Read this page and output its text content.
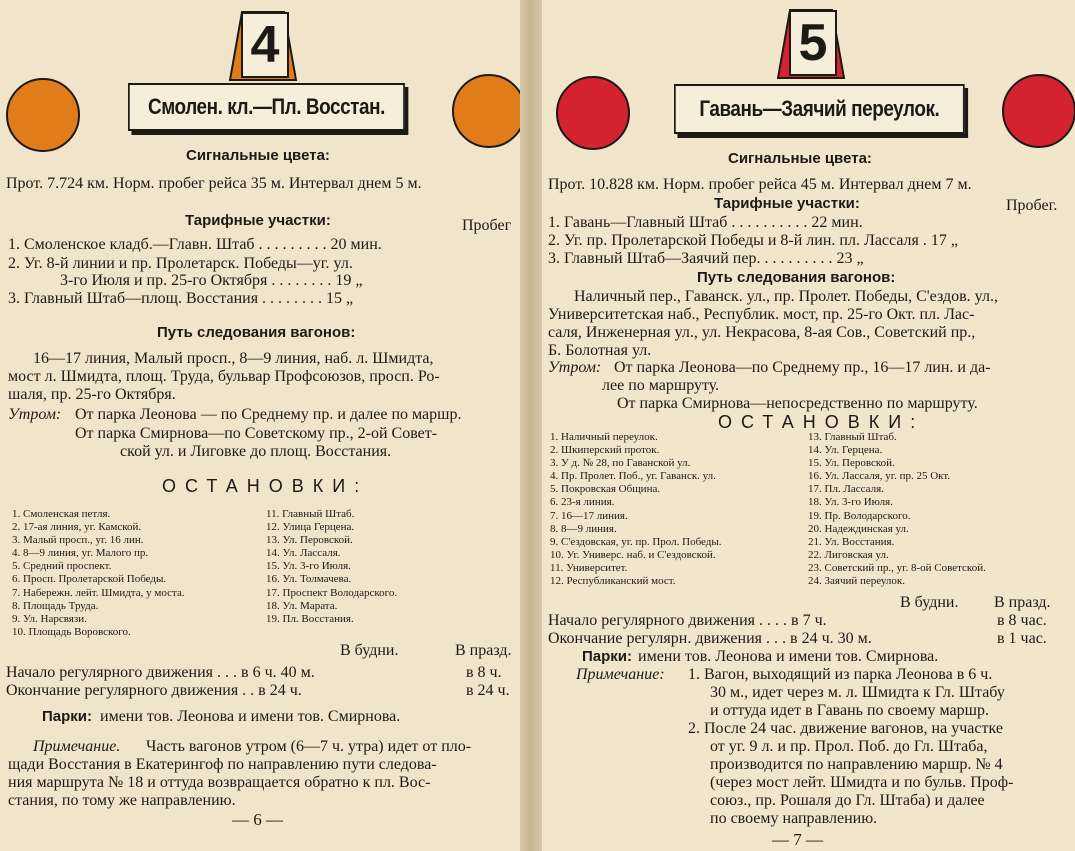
4
Смолен. кл.—Пл. Восстан.
Сигнальные цвета:
Прот. 7.724 км. Норм. пробег рейса 35 м. Интервал днем 5 м.
Тарифные участки:	Пробег
1. Смоленское кладб.—Главн. Штаб . . . . . . . . . 20 мин.
2. Уг. 8-й линии и пр. Пролетарск. Победы—уг. ул.
3-го Июля и пр. 25-го Октября . . . . . . . . 19 „
3. Главный Штаб—площ. Восстания . . . . . . . . 15 „
Путь следования вагонов:
16—17 линия, Малый просп., 8—9 линия, наб. л. Шмидта,
мост л. Шмидта, площ. Труда, бульвар Профсоюзов, просп. Ро-
шаля, пр. 25-го Октября.
Утром: От парка Леонова — по Среднему пр. и далее по маршр.
От парка Смирнова—по Советскому пр., 2-ой Совет-
ской ул. и Лиговке до площ. Восстания.
ОСТАНОВКИ:
1. Смоленская петля.
2. 17-ая линия, уг. Камской.
3. Малый просп., уг. 16 лин.
4. 8—9 линия, уг. Малого пр.
5. Средний проспект.
6. Просп. Пролетарской Победы.
7. Набережн. лейт. Шмидта, у моста.
8. Площадь Труда.
9. Ул. Нарсвязи.
10. Площадь Воровского.
11. Главный Штаб.
12. Улица Герцена.
13. Ул. Перовской.
14. Ул. Лассаля.
15. Ул. 3-го Июля.
16. Ул. Толмачева.
17. Проспект Володарского.
18. Ул. Марата.
19. Пл. Восстания.
В будни.	В празд.
Начало регулярного движения . . . в 6 ч. 40 м.	в 8 ч.
Окончание регулярного движения . . в 24 ч.	в 24 ч.
Парки: имени тов. Леонова и имени тов. Смирнова.
Примечание. Часть вагонов утром (6—7 ч. утра) идет от пло-
щади Восстания в Екатерингоф по направлению пути следова-
ния маршрута № 18 и оттуда возвращается обратно к пл. Вос-
стания, по тому же направлению.
— 6 —
5
Гавань—Заячий переулок.
Сигнальные цвета:
Прот. 10.828 км. Норм. пробег рейса 45 м. Интервал днем 7 м.
Тарифные участки:	Пробег.
1. Гавань—Главный Штаб . . . . . . . . . . 22 мин.
2. Уг. пр. Пролетарской Победы и 8-й лин. пл. Лассаля . 17 „
3. Главный Штаб—Заячий пер. . . . . . . . . . 23 „
Путь следования вагонов:
Наличный пер., Гаванск. ул., пр. Пролет. Победы, С'ездов. ул.,
Университетская наб., Республик. мост, пр. 25-го Окт. пл. Лас-
саля, Инженерная ул., ул. Некрасова, 8-ая Сов., Советский пр.,
Б. Болотная ул.
Утром: От парка Леонова—по Среднему пр., 16—17 лин. и да-
лее по маршруту.
От парка Смирнова—непосредственно по маршруту.
ОСТАНОВКИ:
1. Наличный переулок.
2. Шкиперский проток.
3. У д. № 28, по Гаванской ул.
4. Пр. Пролет. Поб., уг. Гаванск. ул.
5. Покровская Община.
6. 23-я линия.
7. 16—17 линия.
8. 8—9 линия.
9. С'ездовская, уг. пр. Прол. Победы.
10. Уг. Универс. наб. и С'ездовской.
11. Университет.
12. Республиканский мост.
13. Главный Штаб.
14. Ул. Герцена.
15. Ул. Перовской.
16. Ул. Лассаля, уг. пр. 25 Окт.
17. Пл. Лассаля.
18. Ул. 3-го Июля.
19. Пр. Володарского.
20. Надеждинская ул.
21. Ул. Восстания.
22. Лиговская ул.
23. Советский пр., уг. 8-ой Советской.
24. Заячий переулок.
В будни. В празд.
Начало регулярного движения . . . . в 7 ч.	в 8 час.
Окончание регулярн. движения . . . в 24 ч. 30 м.	в 1 час.
Парки: имени тов. Леонова и имени тов. Смирнова.
Примечание: 1. Вагон, выходящий из парка Леонова в 6 ч.
30 м., идет через м. л. Шмидта к Гл. Штабу
и оттуда идет в Гавань по своему маршр.
2. После 24 час. движение вагонов, на участке
от уг. 9 л. и пр. Прол. Поб. до Гл. Штаба,
производится по направлению маршр. № 4
(через мост лейт. Шмидта и по бульв. Проф-
союз., пр. Рошаля до Гл. Штаба) и далее
по своему направлению.
— 7 —
